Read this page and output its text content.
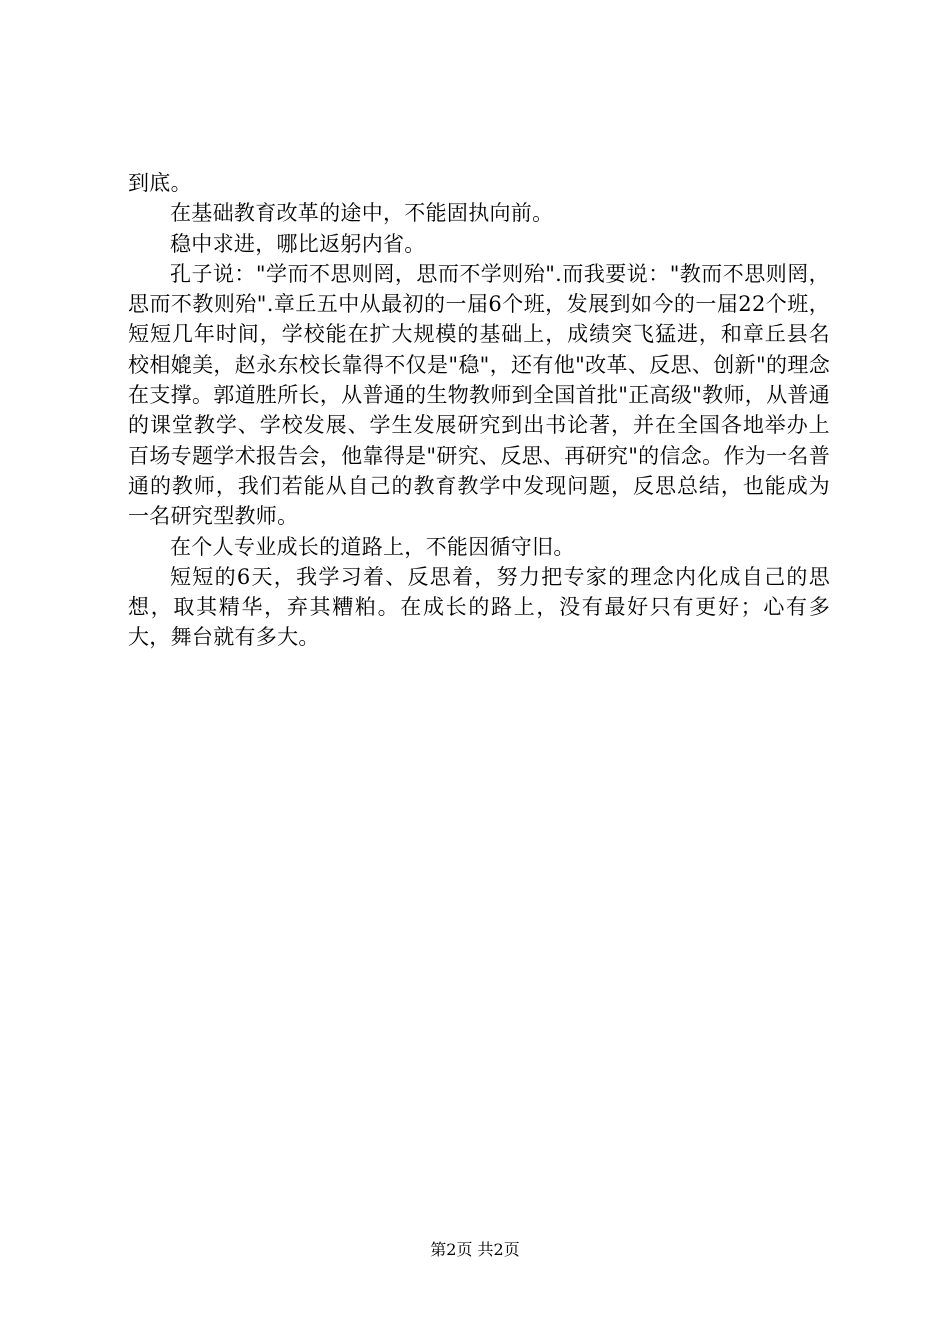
到底。

在基础教育改革的途中，不能固执向前。

稳中求进，哪比返躬内省。

孔子说："学而不思则罔，思而不学则殆".而我要说："教而不思则罔，思而不教则殆".章丘五中从最初的一届6个班，发展到如今的一届22个班，短短几年时间，学校能在扩大规模的基础上，成绩突飞猛进，和章丘县名校相媲美，赵永东校长靠得不仅是"稳"，还有他"改革、反思、创新"的理念在支撑。郭道胜所长，从普通的生物教师到全国首批"正高级"教师，从普通的课堂教学、学校发展、学生发展研究到出书论著，并在全国各地举办上百场专题学术报告会，他靠得是"研究、反思、再研究"的信念。作为一名普通的教师，我们若能从自己的教育教学中发现问题，反思总结，也能成为一名研究型教师。

在个人专业成长的道路上，不能因循守旧。

短短的6天，我学习着、反思着，努力把专家的理念内化成自己的思想，取其精华，弃其糟粕。在成长的路上，没有最好只有更好；心有多大，舞台就有多大。

第2页 共2页
